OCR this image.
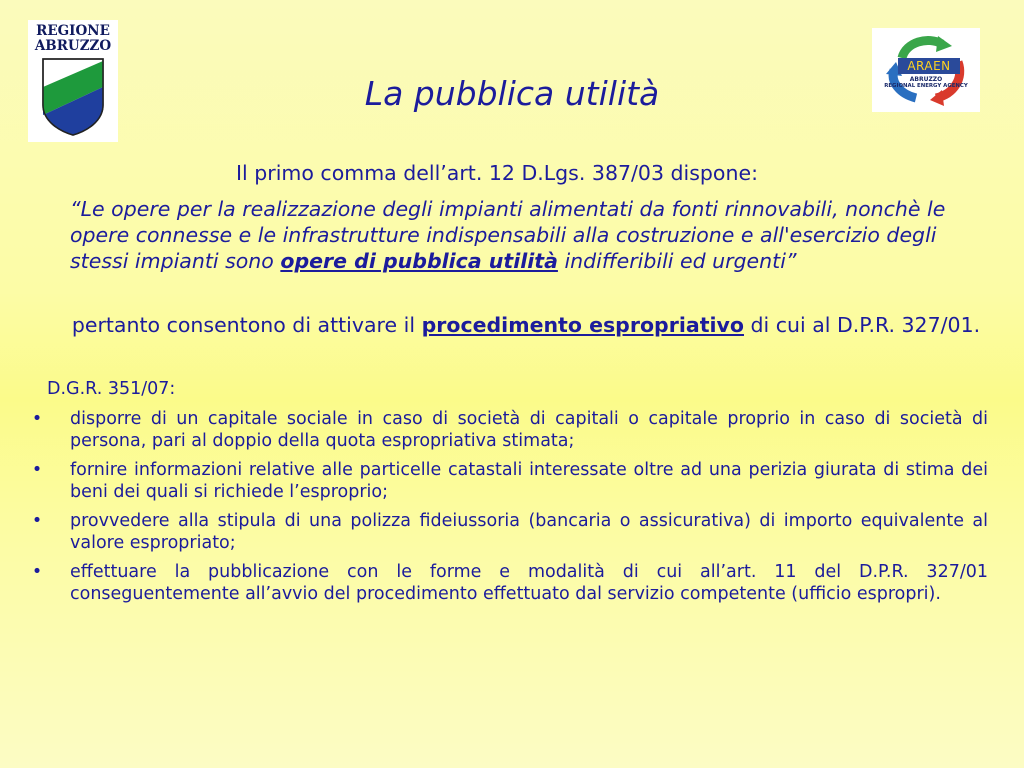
REGIONE
ABRUZZO
ARAEN
ABRUZZO
REGIONAL ENERGY AGENCY
La pubblica utilità

Il primo comma dell’art. 12 D.Lgs. 387/03 dispone:

“Le opere per la realizzazione degli impianti alimentati da fonti rinnovabili, nonchè le opere connesse e le infrastrutture indispensabili alla costruzione e all'esercizio degli stessi impianti sono opere di pubblica utilità indifferibili ed urgenti”

pertanto consentono di attivare il procedimento espropriativo di cui al D.P.R. 327/01.

D.G.R. 351/07:

• disporre di un capitale sociale in caso di società di capitali o capitale proprio in caso di società di persona, pari al doppio della quota espropriativa stimata;
• fornire informazioni relative alle particelle catastali interessate oltre ad una perizia giurata di stima dei beni dei quali si richiede l’esproprio;
• provvedere alla stipula di una polizza fideiussoria (bancaria o assicurativa) di importo equivalente al valore espropriato;
• effettuare la pubblicazione con le forme e modalità di cui all’art. 11 del D.P.R. 327/01 conseguentemente all’avvio del procedimento effettuato dal servizio competente (ufficio espropri).
